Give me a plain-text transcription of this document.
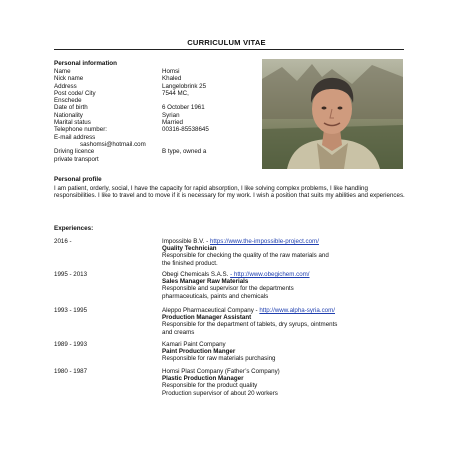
CURRICULUM VITAE
Personal information
Name	Homsi
Nick name	Khaled
Address	Langelobrink 25
Post code/ City	7544 MC,
Enschede
Date of birth	6 October 1961
Nationality	Syrian
Marital status	Married
Telephone number:	00316-85538645
E-mail address
sashomsi@hotmail.com
Driving licence	B type, owned a
private transport
Personal profile

I am patient, orderly, social, I have the capacity for rapid absorption, I like solving complex problems, I like handling responsibilities. I like to travel and to move if it is necessary for my work. I wish a position that suits my abilities and experiences.

Experiences:
2016 -	Impossible B.V. - https://www.the-impossible-project.com/
Quality Technician
Responsible for checking the quality of the raw materials and
the finished product.
1995 - 2013	Obegi Chemicals S.A.S. - http://www.obegichem.com/
Sales Manager Raw Materials
Responsible and supervisor for the departments
pharmaceuticals, paints and chemicals
1993 - 1995	Aleppo Pharmaceutical Company - http://www.alpha-syria.com/
Production Manager Assistant
Responsible for the department of tablets, dry syrups, ointments
and creams
1989 - 1993	Kamari Paint Company
Paint Production Manger
Responsible for raw materials purchasing
1980 - 1987	Homsi Plast Company (Father’s Company)
Plastic Production Manager
Responsible for the product quality
Production supervisor of about 20 workers
